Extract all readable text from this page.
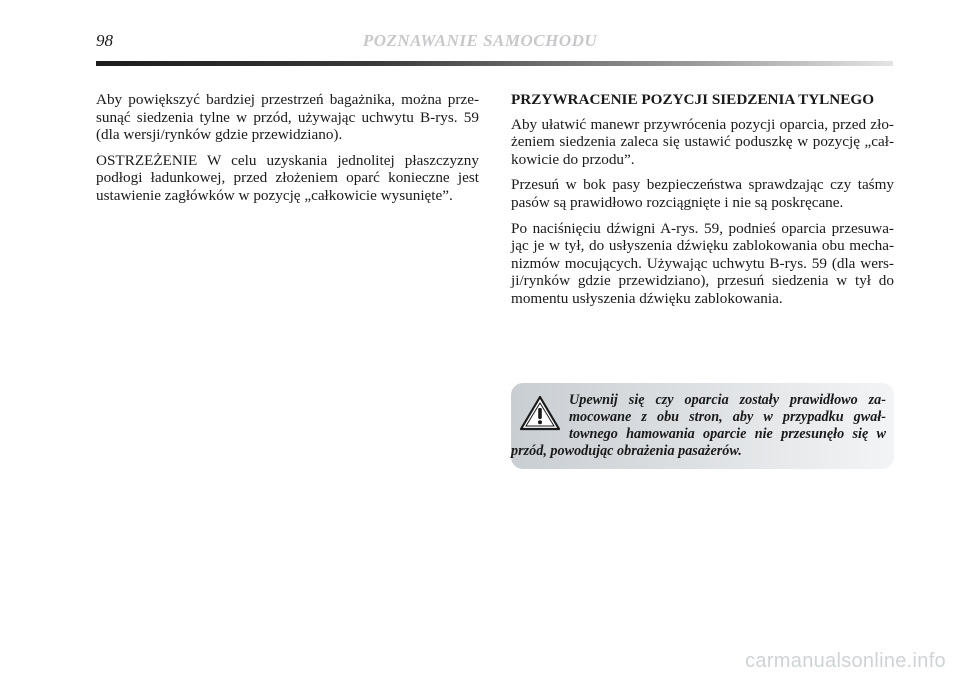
98	POZNAWANIE SAMOCHODU

Aby powiększyć bardziej przestrzeń bagażnika, można prze-sunąć siedzenia tylne w przód, używając uchwytu B-rys. 59 (dla wersji/rynków gdzie przewidziano).

OSTRZEŻENIE W celu uzyskania jednolitej płaszczyzny podłogi ładunkowej, przed złożeniem oparć konieczne jest ustawienie zagłówków w pozycję „całkowicie wysunięte”.

PRZYWRACENIE POZYCJI SIEDZENIA TYLNEGO

Aby ułatwić manewr przywrócenia pozycji oparcia, przed zło-żeniem siedzenia zaleca się ustawić poduszkę w pozycję „cał-kowicie do przodu”.

Przesuń w bok pasy bezpieczeństwa sprawdzając czy taśmy pasów są prawidłowo rozciągnięte i nie są poskręcane.

Po naciśnięciu dźwigni A-rys. 59, podnieś oparcia przesuwa-jąc je w tył, do usłyszenia dźwięku zablokowania obu mecha-nizmów mocujących. Używając uchwytu B-rys. 59 (dla wers-ji/rynków gdzie przewidziano), przesuń siedzenia w tył do momentu usłyszenia dźwięku zablokowania.

Upewnij się czy oparcia zostały prawidłowo za-mocowane z obu stron, aby w przypadku gwał-townego hamowania oparcie nie przesunęło się w przód, powodując obrażenia pasażerów.
carmanualsonline.info
